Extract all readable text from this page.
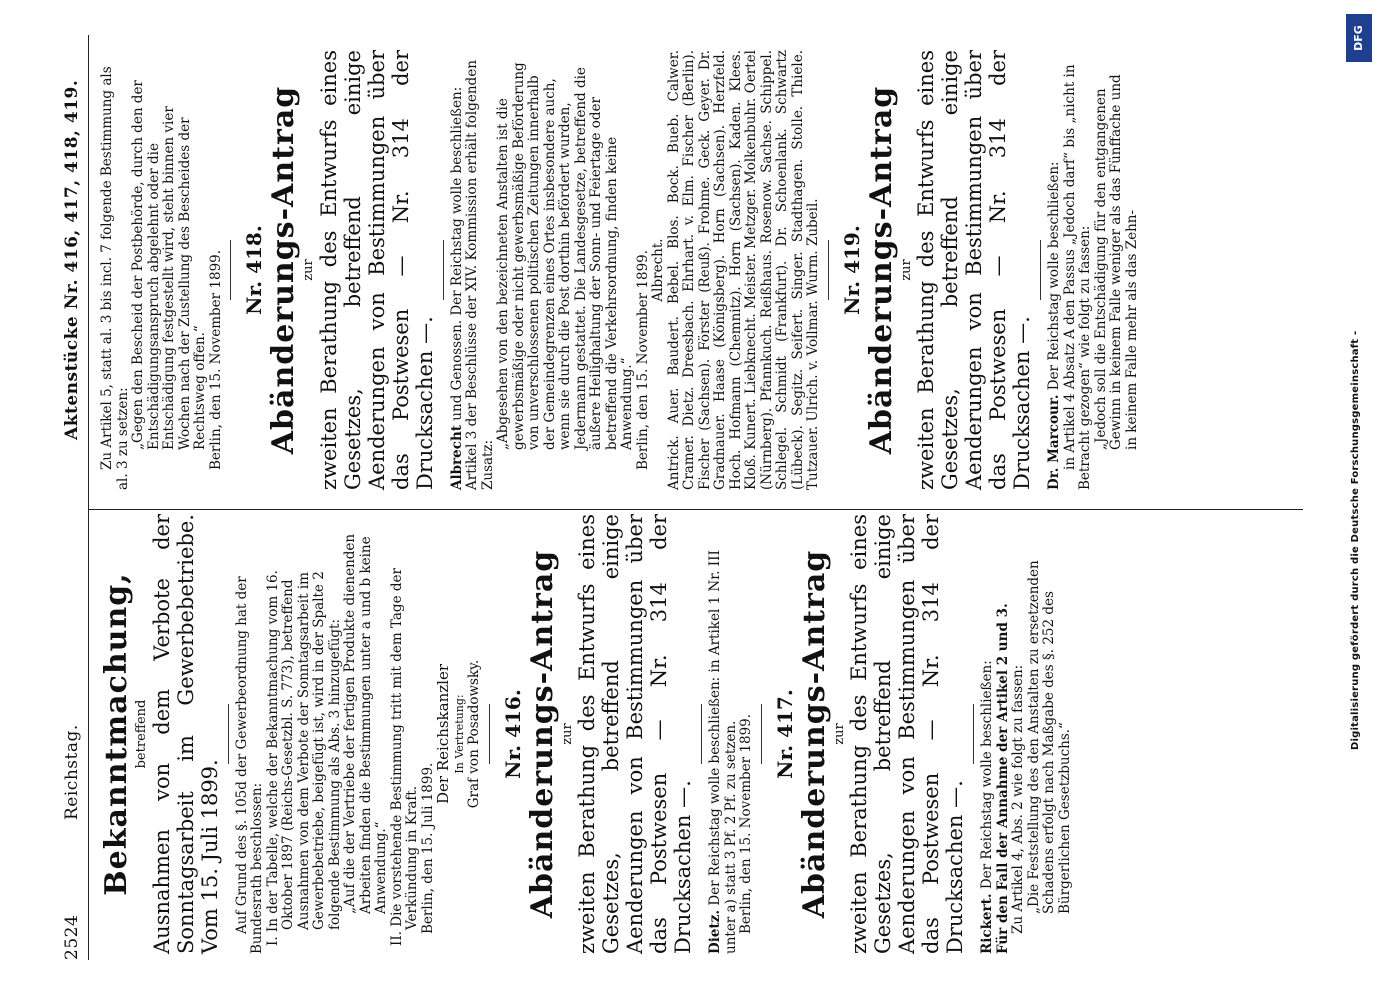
2524
Reichstag.
Aktenstücke Nr. 416, 417, 418, 419.

Bekanntmachung, betreffend Ausnahmen von dem Verbote der Sonntagsarbeit im Gewerbebetriebe. Vom 15. Juli 1899. Auf Grund des §. 105d der Gewerbeordnung hat der Bundesrath beschlossen: I. In der Tabelle, welche der Bekanntmachung vom 16. Oktober 1897 (Reichs-Gesetzbl. S. 773), betreffend Ausnahmen von dem Verbote der Sonntagsarbeit im Gewerbebetriebe, beigefügt ist, wird in der Spalte 2 folgende Bestimmung als Abs. 3 hinzugefügt: „Auf die der Vertriebe der fertigen Produkte dienenden Arbeiten finden die Bestimmungen unter a und b keine Anwendung.“ II. Die vorstehende Bestimmung tritt mit dem Tage der Verkündung in Kraft. Berlin, den 15. Juli 1899.

Der Reichskanzler In Vertretung: Graf von Posadowsky. Nr. 416. Abänderungs-Antrag zur zweiten Berathung des Entwurfs eines Gesetzes, betreffend einige Aenderungen von Bestimmungen über das Postwesen — Nr. 314 der Drucksachen —. Dietz. Der Reichstag wolle beschließen: in Artikel 1 Nr. III unter a) statt 3 Pf. 2 Pf. zu setzen. Berlin, den 15. November 1899. Nr. 417. Abänderungs-Antrag zur zweiten Berathung des Entwurfs eines Gesetzes, betreffend einige Aenderungen von Bestimmungen über das Postwesen — Nr. 314 der Drucksachen —. Rickert. Der Reichstag wolle beschließen: Für den Fall der Annahme der Artikel 2 und 3. Zu Artikel 4, Abs. 2 wie folgt zu fassen: „Die Feststellung des den Anstalten zu ersetzenden Schadens erfolgt nach Maßgabe des §. 252 des Bürgerlichen Gesetzbuchs.“

Zu Artikel 5, statt al. 3 bis incl. 7 folgende Bestimmung als al. 3 zu setzen: „Gegen den Bescheid der Postbehörde, durch den der Entschädigungsanspruch abgelehnt oder die Entschädigung festgestellt wird, steht binnen vier Wochen nach der Zustellung des Bescheides der Rechtsweg offen.“ Berlin, den 15. November 1899. Nr. 418. Abänderungs-Antrag zur zweiten Berathung des Entwurfs eines Gesetzes, betreffend einige Aenderungen von Bestimmungen über das Postwesen — Nr. 314 der Drucksachen —. Albrecht und Genossen. Der Reichstag wolle beschließen: Artikel 3 der Beschlüsse der XIV. Kommission erhält folgenden Zusatz:

„Abgesehen von den bezeichneten Anstalten ist die gewerbsmäßige oder nicht gewerbsmäßige Beförderung von unverschlossenen politischen Zeitungen innerhalb der Gemeindegrenzen eines Ortes insbesondere auch, wenn sie durch die Post dorthin befördert wurden, Jedermann gestattet. Die Landesgesetze, betreffend die äußere Heilighaltung der Sonn- und Feiertage oder betreffend die Verkehrsordnung, finden keine Anwendung.“ Berlin, den 15. November 1899. Albrecht. Antrick. Auer. Baudert. Bebel. Blos. Bock. Bueb. Calwer. Cramer. Dietz. Dreesbach. Ehrhart. v. Elm. Fischer (Berlin). Fischer (Sachsen). Förster (Reuß). Frohme. Geck. Geyer. Dr. Gradnauer. Haase (Königsberg). Horn (Sachsen). Herzfeld. Hoch. Hofmann (Chemnitz). Horn (Sachsen). Kaden. Klees. Kloß. Kunert. Liebknecht. Meister. Metzger. Molkenbuhr. Oertel (Nürnberg). Pfannkuch. Reißhaus. Rosenow. Sachse. Schippel. Schlegel. Schmidt (Frankfurt). Dr. Schoenlank. Schwartz (Lübeck). Segitz. Seifert. Singer. Stadthagen. Stolle. Thiele. Tutzauer. Ulrich. v. Vollmar. Wurm. Zubeil. Nr. 419. Abänderungs-Antrag zur zweiten Berathung des Entwurfs eines Gesetzes, betreffend einige Aenderungen von Bestimmungen über das Postwesen — Nr. 314 der Drucksachen —. Dr. Marcour. Der Reichstag wolle beschließen: in Artikel 4 Absatz A den Passus „Jedoch darf“ bis „nicht in Betracht gezogen“ wie folgt zu fassen: „Jedoch soll die Entschädigung für den entgangenen Gewinn in keinem Falle weniger als das Fünffache und in keinem Falle mehr als das Zehn-

Digitalisierung gefördert durch die Deutsche Forschungsgemeinschaft -
DFG
